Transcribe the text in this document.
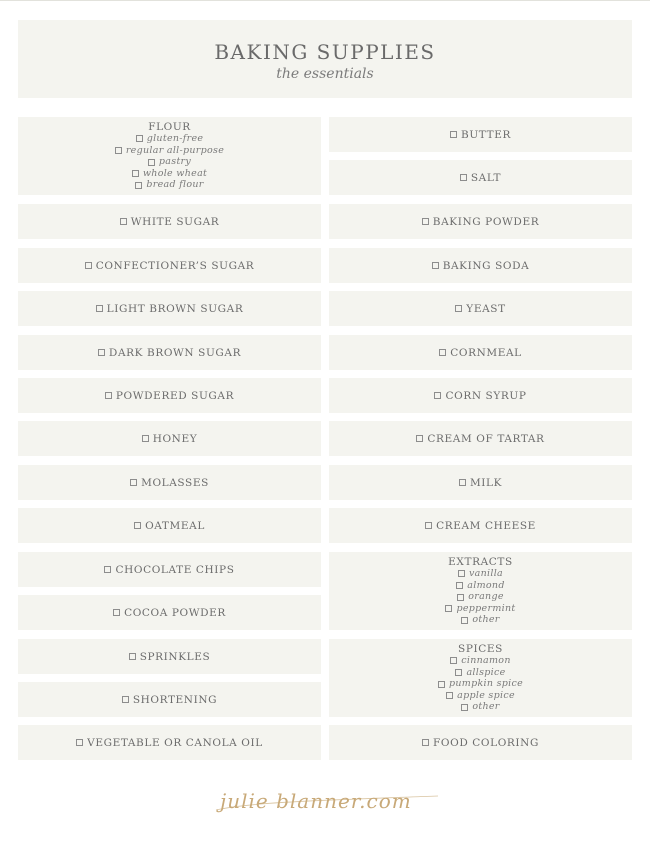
BAKING SUPPLIES
the essentials
FLOUR
gluten-free
regular all-purpose
pastry
whole wheat
bread flour
WHITE SUGAR
CONFECTIONER’S SUGAR
LIGHT BROWN SUGAR
DARK BROWN SUGAR
POWDERED SUGAR
HONEY
MOLASSES
OATMEAL
CHOCOLATE CHIPS
COCOA POWDER
SPRINKLES
SHORTENING
VEGETABLE OR CANOLA OIL
BUTTER
SALT
BAKING POWDER
BAKING SODA
YEAST
CORNMEAL
CORN SYRUP
CREAM OF TARTAR
MILK
CREAM CHEESE
EXTRACTS
vanilla
almond
orange
peppermint
other
SPICES
cinnamon
allspice
pumpkin spice
apple spice
other
FOOD COLORING
julie blanner.com
